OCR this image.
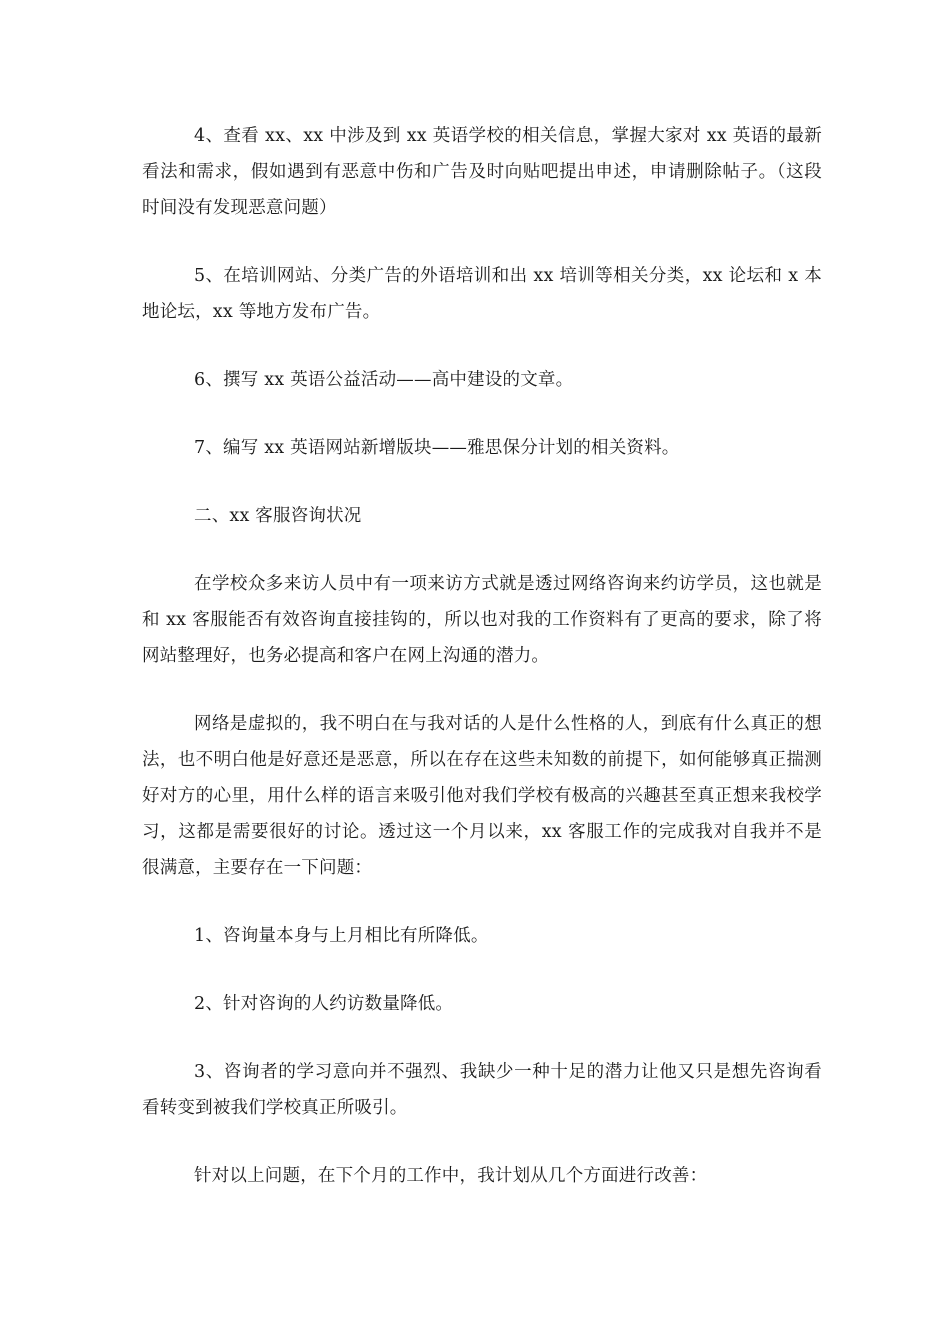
4、查看 xx、xx 中涉及到 xx 英语学校的相关信息，掌握大家对 xx 英语的最新看法和需求，假如遇到有恶意中伤和广告及时向贴吧提出申述，申请删除帖子。（这段时间没有发现恶意问题）

5、在培训网站、分类广告的外语培训和出 xx 培训等相关分类，xx 论坛和 x 本地论坛，xx 等地方发布广告。

6、撰写 xx 英语公益活动——高中建设的文章。

7、编写 xx 英语网站新增版块——雅思保分计划的相关资料。

二、xx 客服咨询状况

在学校众多来访人员中有一项来访方式就是透过网络咨询来约访学员，这也就是和 xx 客服能否有效咨询直接挂钩的，所以也对我的工作资料有了更高的要求，除了将网站整理好，也务必提高和客户在网上沟通的潜力。

网络是虚拟的，我不明白在与我对话的人是什么性格的人，到底有什么真正的想法，也不明白他是好意还是恶意，所以在存在这些未知数的前提下，如何能够真正揣测好对方的心里，用什么样的语言来吸引他对我们学校有极高的兴趣甚至真正想来我校学习，这都是需要很好的讨论。透过这一个月以来，xx 客服工作的完成我对自我并不是很满意，主要存在一下问题：

1、咨询量本身与上月相比有所降低。

2、针对咨询的人约访数量降低。

3、咨询者的学习意向并不强烈、我缺少一种十足的潜力让他又只是想先咨询看看转变到被我们学校真正所吸引。

针对以上问题，在下个月的工作中，我计划从几个方面进行改善：
